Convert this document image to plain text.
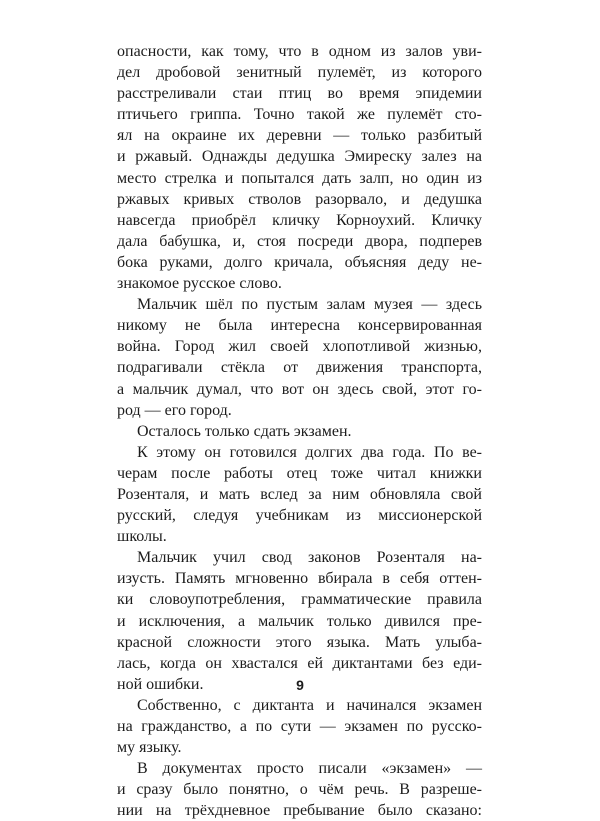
опасности, как тому, что в одном из залов уви-
дел дробовой зенитный пулемёт, из которого
расстреливали стаи птиц во время эпидемии
птичьего гриппа. Точно такой же пулемёт сто-
ял на окраине их деревни — только разбитый
и ржавый. Однажды дедушка Эмиреску залез на
место стрелка и попытался дать залп, но один из
ржавых кривых стволов разорвало, и дедушка
навсегда приобрёл кличку Корноухий. Кличку
дала бабушка, и, стоя посреди двора, подперев
бока руками, долго кричала, объясняя деду не-
знакомое русское слово.
Мальчик шёл по пустым залам музея — здесь
никому не была интересна консервированная
война. Город жил своей хлопотливой жизнью,
подрагивали стёкла от движения транспорта,
а мальчик думал, что вот он здесь свой, этот го-
род — его город.
Осталось только сдать экзамен.
К этому он готовился долгих два года. По ве-
черам после работы отец тоже читал книжки
Розенталя, и мать вслед за ним обновляла свой
русский, следуя учебникам из миссионерской
школы.
Мальчик учил свод законов Розенталя на-
изусть. Память мгновенно вбирала в себя оттен-
ки словоупотребления, грамматические правила
и исключения, а мальчик только дивился пре-
красной сложности этого языка. Мать улыба-
лась, когда он хвастался ей диктантами без еди-
ной ошибки.
Собственно, с диктанта и начинался экзамен
на гражданство, а по сути — экзамен по русско-
му языку.
В документах просто писали «экзамен» —
и сразу было понятно, о чём речь. В разреше-
нии на трёхдневное пребывание было сказано:
9
